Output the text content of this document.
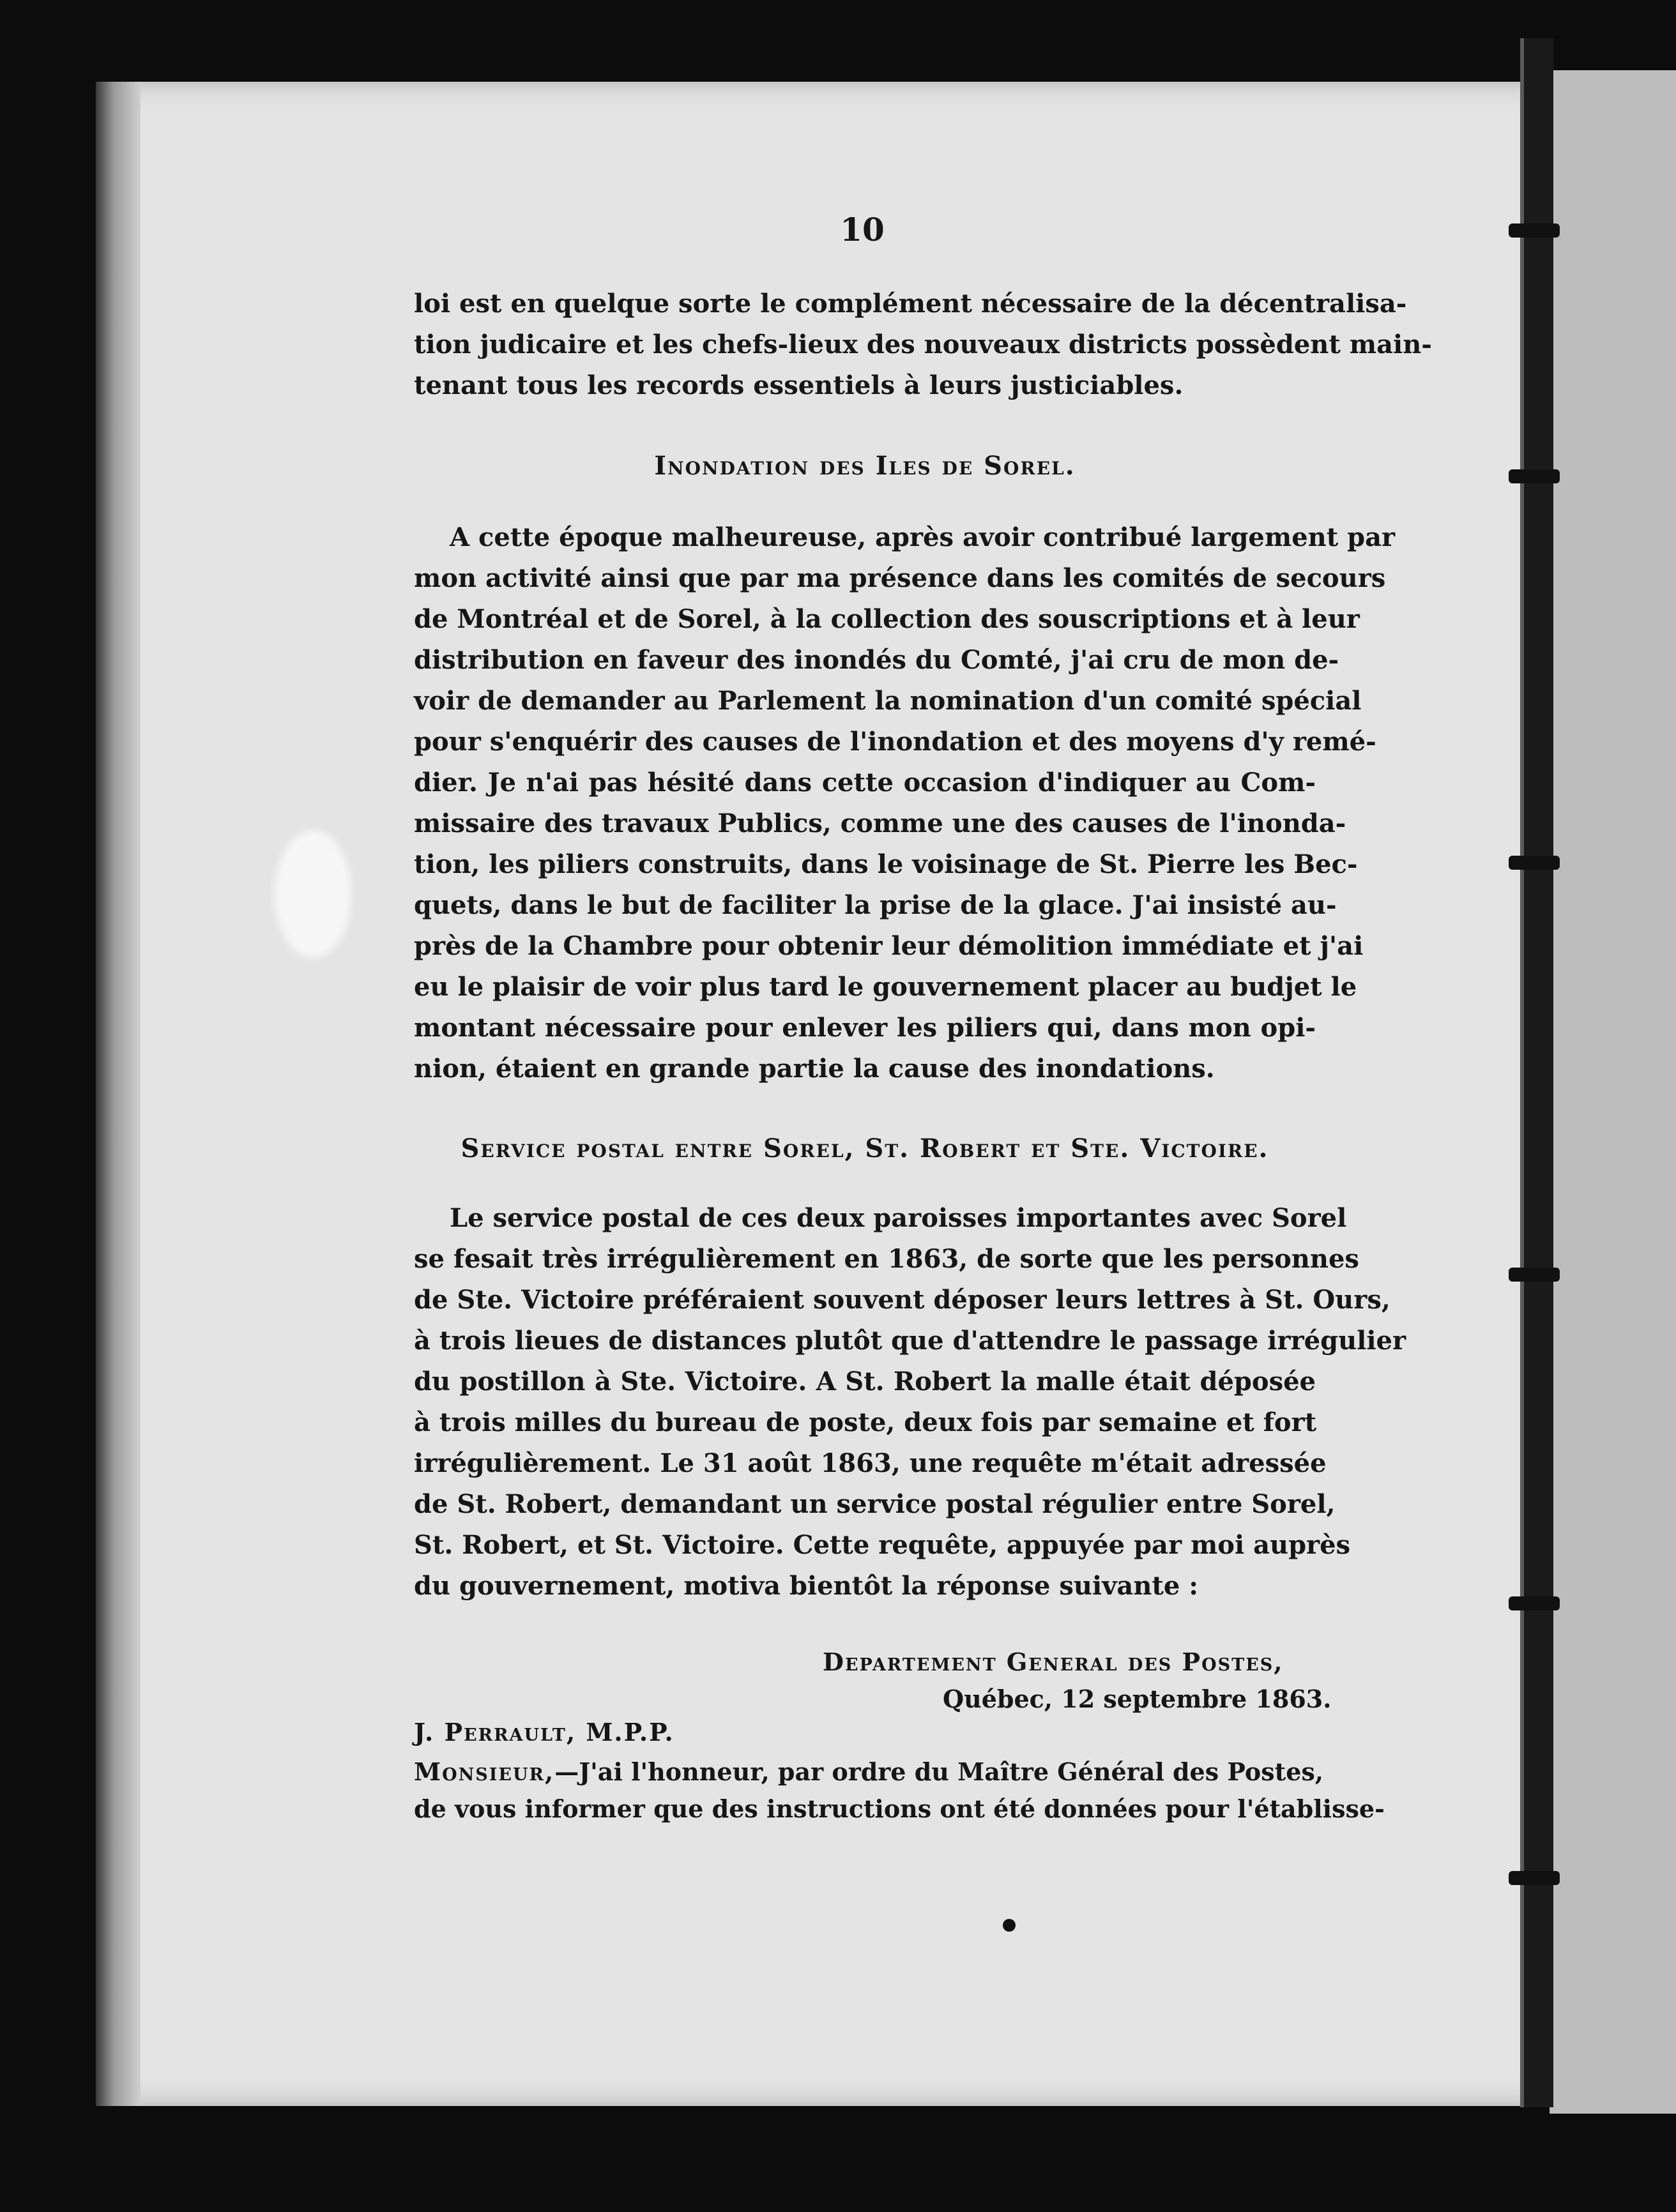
10
loi est en quelque sorte le complément nécessaire de la décentralisa-
tion judicaire et les chefs-lieux des nouveaux districts possèdent main-
tenant tous les records essentiels à leurs justiciables.
Inondation des Iles de Sorel.
A cette époque malheureuse, après avoir contribué largement par
mon activité ainsi que par ma présence dans les comités de secours
de Montréal et de Sorel, à la collection des souscriptions et à leur
distribution en faveur des inondés du Comté, j'ai cru de mon de-
voir de demander au Parlement la nomination d'un comité spécial
pour s'enquérir des causes de l'inondation et des moyens d'y remé-
dier. Je n'ai pas hésité dans cette occasion d'indiquer au Com-
missaire des travaux Publics, comme une des causes de l'inonda-
tion, les piliers construits, dans le voisinage de St. Pierre les Bec-
quets, dans le but de faciliter la prise de la glace. J'ai insisté au-
près de la Chambre pour obtenir leur démolition immédiate et j'ai
eu le plaisir de voir plus tard le gouvernement placer au budjet le
montant nécessaire pour enlever les piliers qui, dans mon opi-
nion, étaient en grande partie la cause des inondations.
Service postal entre Sorel, St. Robert et Ste. Victoire.
Le service postal de ces deux paroisses importantes avec Sorel
se fesait très irrégulièrement en 1863, de sorte que les personnes
de Ste. Victoire préféraient souvent déposer leurs lettres à St. Ours,
à trois lieues de distances plutôt que d'attendre le passage irrégulier
du postillon à Ste. Victoire. A St. Robert la malle était déposée
à trois milles du bureau de poste, deux fois par semaine et fort
irrégulièrement. Le 31 août 1863, une requête m'était adressée
de St. Robert, demandant un service postal régulier entre Sorel,
St. Robert, et St. Victoire. Cette requête, appuyée par moi auprès
du gouvernement, motiva bientôt la réponse suivante :
Departement General des Postes,
Québec, 12 septembre 1863.
J. Perrault, M.P.P.
Monsieur,—J'ai l'honneur, par ordre du Maître Général des Postes,
de vous informer que des instructions ont été données pour l'établisse-
